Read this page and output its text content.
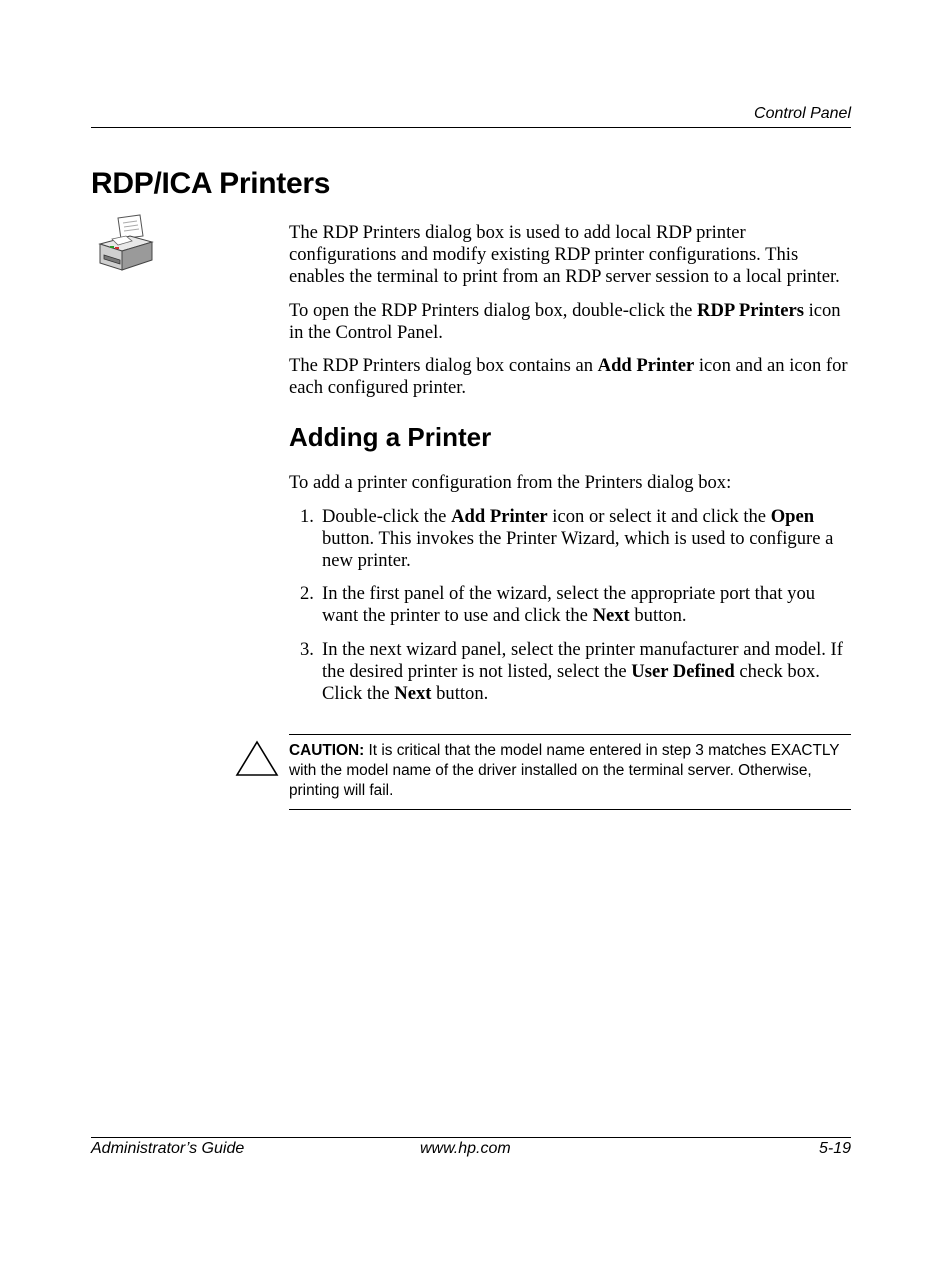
Control Panel
RDP/ICA Printers

The RDP Printers dialog box is used to add local RDP printer configurations and modify existing RDP printer configurations. This enables the terminal to print from an RDP server session to a local printer.

To open the RDP Printers dialog box, double-click the RDP Printers icon in the Control Panel.

The RDP Printers dialog box contains an Add Printer icon and an icon for each configured printer.

Adding a Printer

To add a printer configuration from the Printers dialog box:

1. Double-click the Add Printer icon or select it and click the Open button. This invokes the Printer Wizard, which is used to configure a new printer.
2. In the first panel of the wizard, select the appropriate port that you want the printer to use and click the Next button.
3. In the next wizard panel, select the printer manufacturer and model. If the desired printer is not listed, select the User Defined check box. Click the Next button.
CAUTION: It is critical that the model name entered in step 3 matches EXACTLY with the model name of the driver installed on the terminal server. Otherwise, printing will fail.
Administrator’s Guide	www.hp.com	5-19
